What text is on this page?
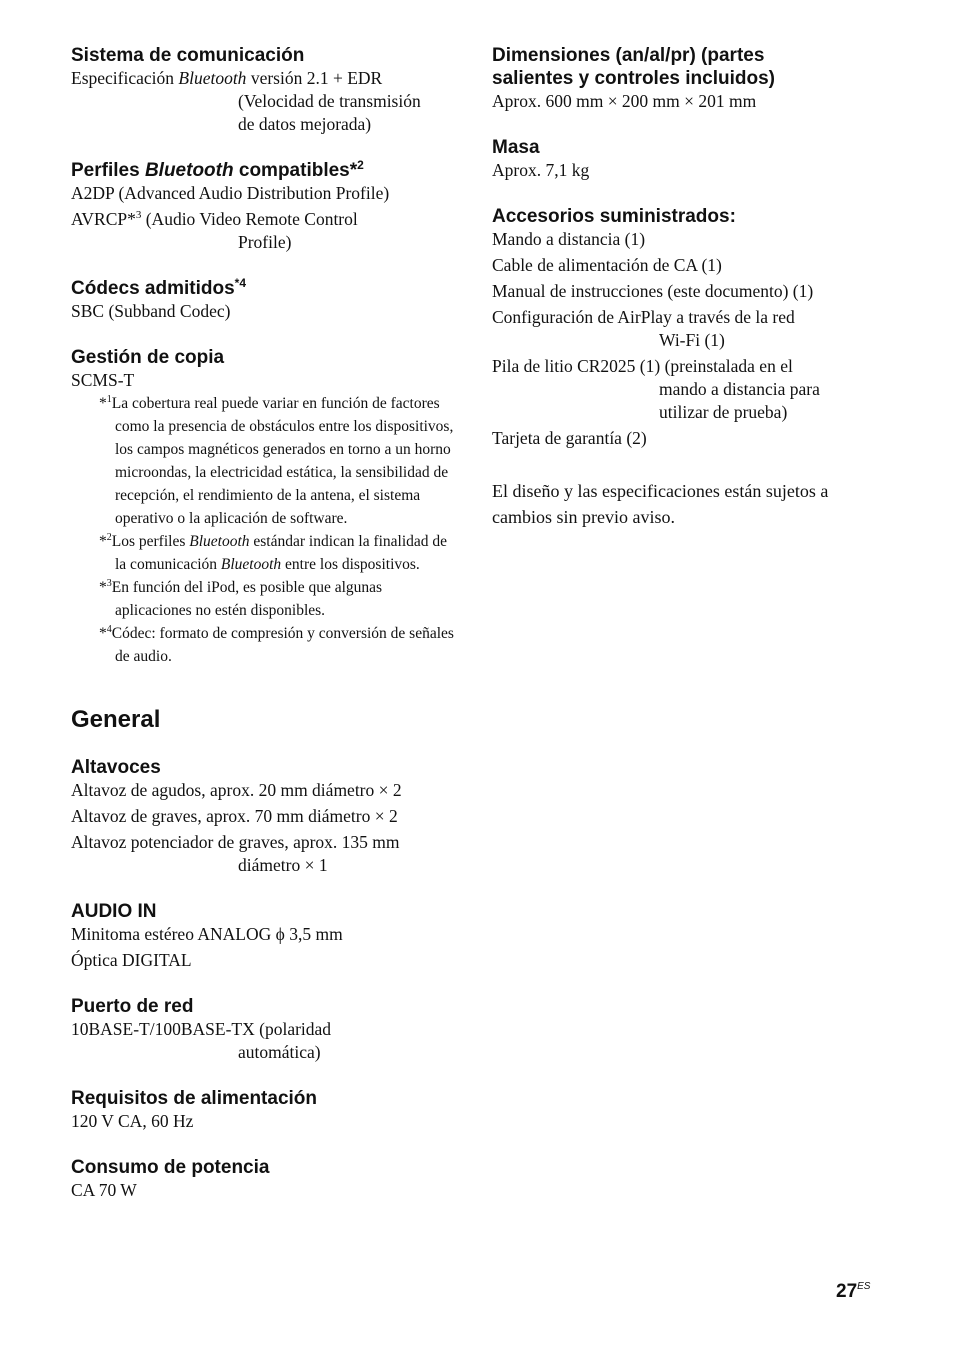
Sistema de comunicación

Especificación Bluetooth versión 2.1 + EDR

(Velocidad de transmisión

de datos mejorada)

Perfiles Bluetooth compatibles*$^2$

A2DP (Advanced Audio Distribution Profile)

AVRCP*$^3$ (Audio Video Remote Control

Profile)

Códecs admitidos$^{*4}$

SBC (Subband Codec)

Gestión de copia

SCMS-T

*$^1$La cobertura real puede variar en función de factores como la presencia de obstáculos entre los dispositivos, los campos magnéticos generados en torno a un horno microondas, la electricidad estática, la sensibilidad de recepción, el rendimiento de la antena, el sistema operativo o la aplicación de software.

*$^2$Los perfiles Bluetooth estándar indican la finalidad de la comunicación Bluetooth entre los dispositivos.

*$^3$En función del iPod, es posible que algunas aplicaciones no estén disponibles.

*$^4$Códec: formato de compresión y conversión de señales de audio.

General

Altavoces

Altavoz de agudos, aprox. 20 mm diámetro × 2

Altavoz de graves, aprox. 70 mm diámetro × 2

Altavoz potenciador de graves, aprox. 135 mm

diámetro × 1

AUDIO IN

Minitoma estéreo ANALOG ϕ 3,5 mm

Óptica DIGITAL

Puerto de red

10BASE-T/100BASE-TX (polaridad

automática)

Requisitos de alimentación

120 V CA, 60 Hz

Consumo de potencia

CA 70 W

Dimensiones (an/al/pr) (partes

salientes y controles incluidos)

Aprox. 600 mm × 200 mm × 201 mm

Masa

Aprox. 7,1 kg

Accesorios suministrados:

Mando a distancia (1)

Cable de alimentación de CA (1)

Manual de instrucciones (este documento) (1)

Configuración de AirPlay a través de la red

Wi-Fi (1)

Pila de litio CR2025 (1) (preinstalada en el

mando a distancia para

utilizar de prueba)

Tarjeta de garantía (2)

El diseño y las especificaciones están sujetos a cambios sin previo aviso.

$27^{ES}$
